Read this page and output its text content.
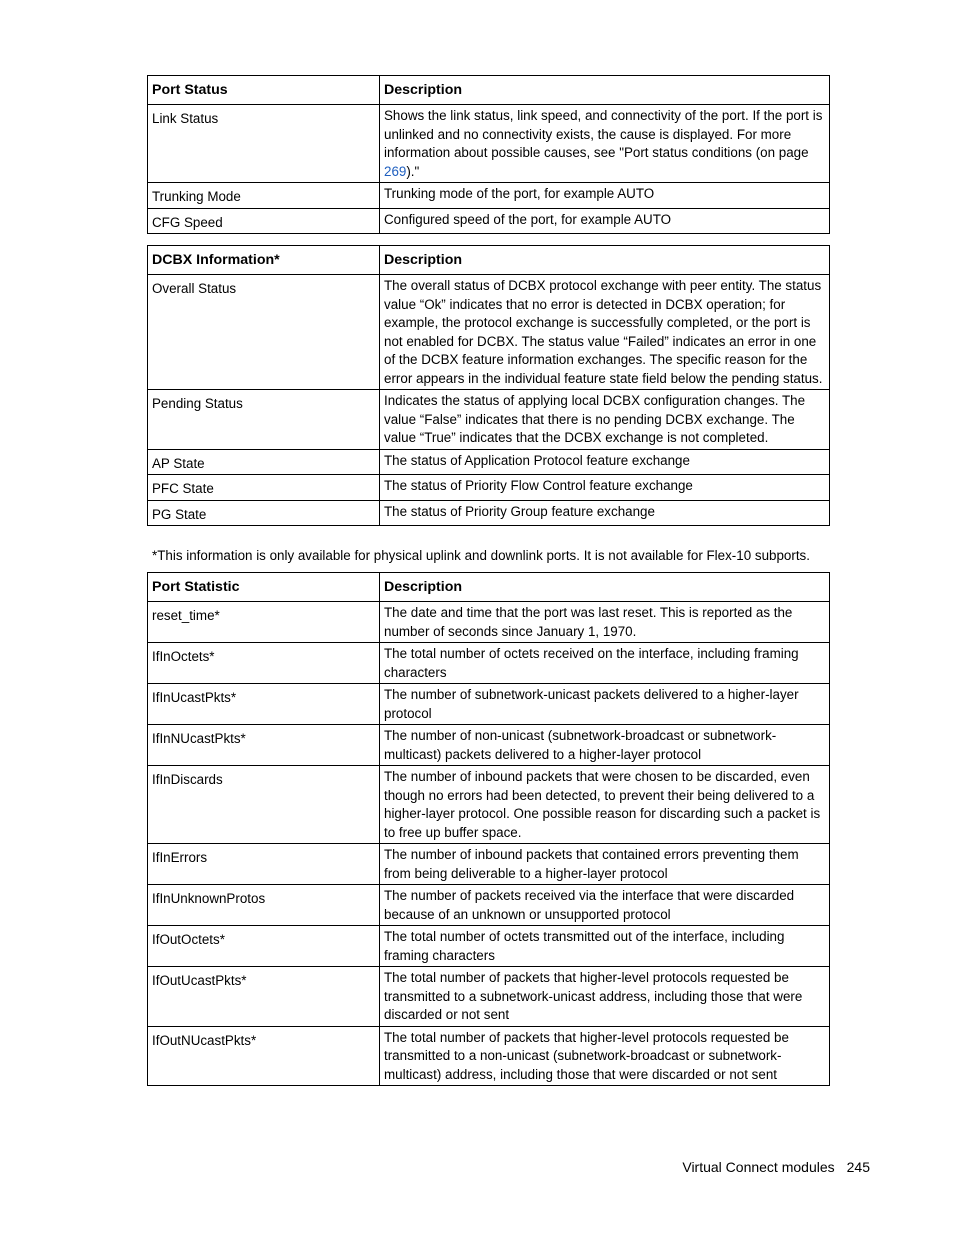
Port Status	Description
Link Status	Shows the link status, link speed, and connectivity of the port. If the port is unlinked and no connectivity exists, the cause is displayed. For more information about possible causes, see "Port status conditions (on page 269)."
Trunking Mode	Trunking mode of the port, for example AUTO
CFG Speed	Configured speed of the port, for example AUTO
DCBX Information*	Description
Overall Status	The overall status of DCBX protocol exchange with peer entity. The status value “Ok” indicates that no error is detected in DCBX operation; for example, the protocol exchange is successfully completed, or the port is not enabled for DCBX. The status value “Failed” indicates an error in one of the DCBX feature information exchanges. The specific reason for the error appears in the individual feature state field below the pending status.
Pending Status	Indicates the status of applying local DCBX configuration changes. The value “False” indicates that there is no pending DCBX exchange. The value “True” indicates that the DCBX exchange is not completed.
AP State	The status of Application Protocol feature exchange
PFC State	The status of Priority Flow Control feature exchange
PG State	The status of Priority Group feature exchange
*This information is only available for physical uplink and downlink ports. It is not available for Flex-10 subports.
Port Statistic	Description
reset_time*	The date and time that the port was last reset. This is reported as the number of seconds since January 1, 1970.
IfInOctets*	The total number of octets received on the interface, including framing characters
IfInUcastPkts*	The number of subnetwork-unicast packets delivered to a higher-layer protocol
IfInNUcastPkts*	The number of non-unicast (subnetwork-broadcast or subnetwork-multicast) packets delivered to a higher-layer protocol
IfInDiscards	The number of inbound packets that were chosen to be discarded, even though no errors had been detected, to prevent their being delivered to a higher-layer protocol. One possible reason for discarding such a packet is to free up buffer space.
IfInErrors	The number of inbound packets that contained errors preventing them from being deliverable to a higher-layer protocol
IfInUnknownProtos	The number of packets received via the interface that were discarded because of an unknown or unsupported protocol
IfOutOctets*	The total number of octets transmitted out of the interface, including framing characters
IfOutUcastPkts*	The total number of packets that higher-level protocols requested be transmitted to a subnetwork-unicast address, including those that were discarded or not sent
IfOutNUcastPkts*	The total number of packets that higher-level protocols requested be transmitted to a non-unicast (subnetwork-broadcast or subnetwork-multicast) address, including those that were discarded or not sent
Virtual Connect modules 245
